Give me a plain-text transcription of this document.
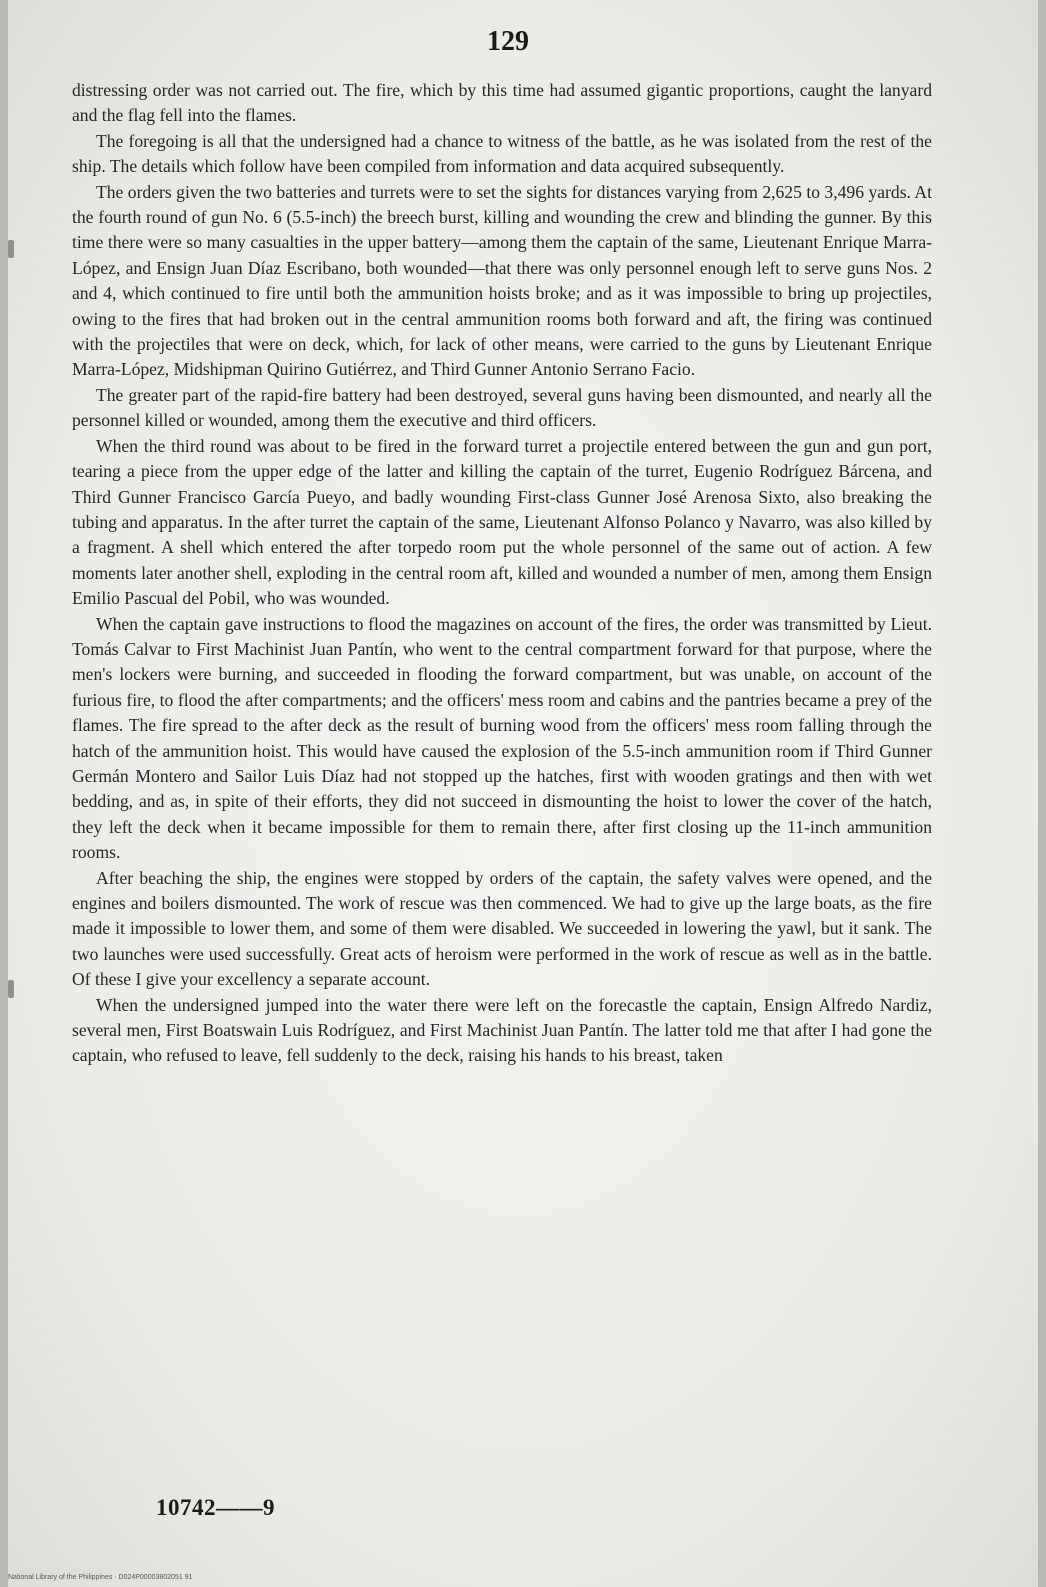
129

distressing order was not carried out. The fire, which by this time had assumed gigantic proportions, caught the lanyard and the flag fell into the flames.

The foregoing is all that the undersigned had a chance to witness of the battle, as he was isolated from the rest of the ship. The details which follow have been compiled from information and data acquired subsequently.

The orders given the two batteries and turrets were to set the sights for distances varying from 2,625 to 3,496 yards. At the fourth round of gun No. 6 (5.5-inch) the breech burst, killing and wounding the crew and blinding the gunner. By this time there were so many casualties in the upper battery—among them the captain of the same, Lieutenant Enrique Marra-López, and Ensign Juan Díaz Escribano, both wounded—that there was only personnel enough left to serve guns Nos. 2 and 4, which continued to fire until both the ammunition hoists broke; and as it was impossible to bring up projectiles, owing to the fires that had broken out in the central ammunition rooms both forward and aft, the firing was continued with the projectiles that were on deck, which, for lack of other means, were carried to the guns by Lieutenant Enrique Marra-López, Midshipman Quirino Gutiérrez, and Third Gunner Antonio Serrano Facio.

The greater part of the rapid-fire battery had been destroyed, several guns having been dismounted, and nearly all the personnel killed or wounded, among them the executive and third officers.

When the third round was about to be fired in the forward turret a projectile entered between the gun and gun port, tearing a piece from the upper edge of the latter and killing the captain of the turret, Eugenio Rodríguez Bárcena, and Third Gunner Francisco García Pueyo, and badly wounding First-class Gunner José Arenosa Sixto, also breaking the tubing and apparatus. In the after turret the captain of the same, Lieutenant Alfonso Polanco y Navarro, was also killed by a fragment. A shell which entered the after torpedo room put the whole personnel of the same out of action. A few moments later another shell, exploding in the central room aft, killed and wounded a number of men, among them Ensign Emilio Pascual del Pobil, who was wounded.

When the captain gave instructions to flood the magazines on account of the fires, the order was transmitted by Lieut. Tomás Calvar to First Machinist Juan Pantín, who went to the central compartment forward for that purpose, where the men's lockers were burning, and succeeded in flooding the forward compartment, but was unable, on account of the furious fire, to flood the after compartments; and the officers' mess room and cabins and the pantries became a prey of the flames. The fire spread to the after deck as the result of burning wood from the officers' mess room falling through the hatch of the ammunition hoist. This would have caused the explosion of the 5.5-inch ammunition room if Third Gunner Germán Montero and Sailor Luis Díaz had not stopped up the hatches, first with wooden gratings and then with wet bedding, and as, in spite of their efforts, they did not succeed in dismounting the hoist to lower the cover of the hatch, they left the deck when it became impossible for them to remain there, after first closing up the 11-inch ammunition rooms.

After beaching the ship, the engines were stopped by orders of the captain, the safety valves were opened, and the engines and boilers dismounted. The work of rescue was then commenced. We had to give up the large boats, as the fire made it impossible to lower them, and some of them were disabled. We succeeded in lowering the yawl, but it sank. The two launches were used successfully. Great acts of heroism were performed in the work of rescue as well as in the battle. Of these I give your excellency a separate account.

When the undersigned jumped into the water there were left on the forecastle the captain, Ensign Alfredo Nardiz, several men, First Boatswain Luis Rodríguez, and First Machinist Juan Pantín. The latter told me that after I had gone the captain, who refused to leave, fell suddenly to the deck, raising his hands to his breast, taken

10742——9
National Library of the Philippines · D024P00003802051 91
